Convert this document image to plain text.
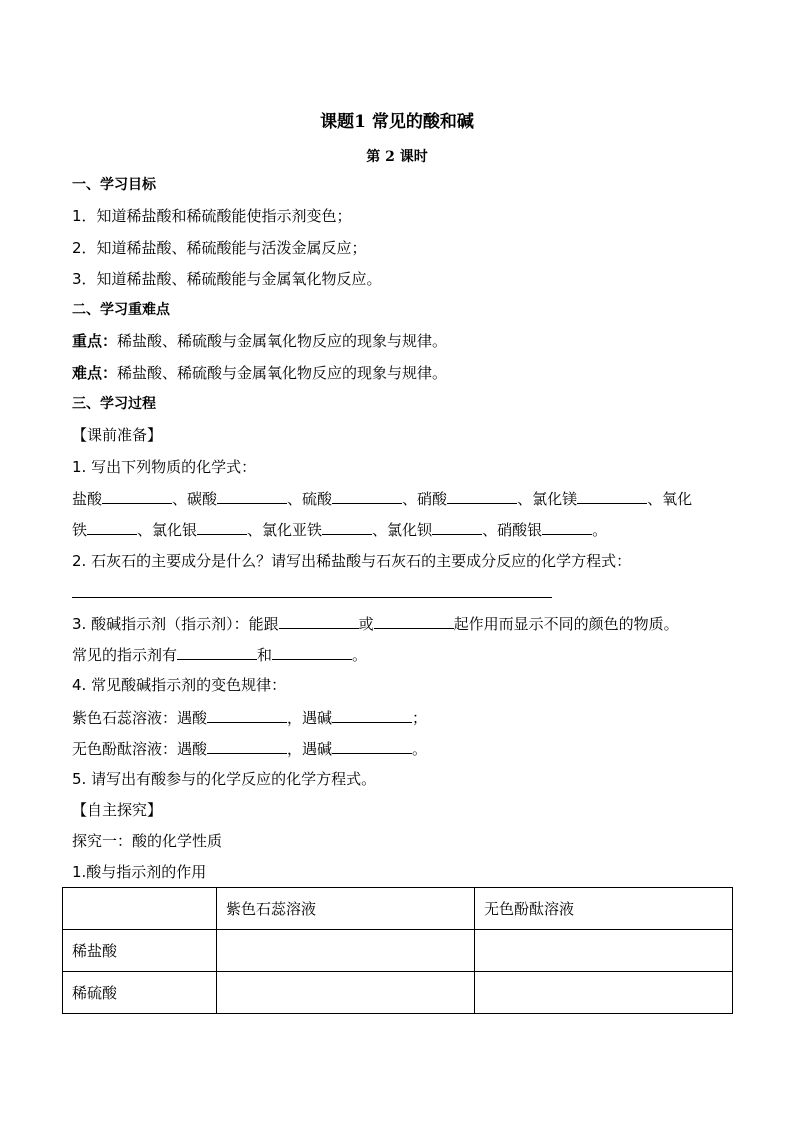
课题1 常见的酸和碱
第 2 课时
一、学习目标
1．知道稀盐酸和稀硫酸能使指示剂变色；
2．知道稀盐酸、稀硫酸能与活泼金属反应；
3．知道稀盐酸、稀硫酸能与金属氧化物反应。
二、学习重难点
重点：稀盐酸、稀硫酸与金属氧化物反应的现象与规律。
难点：稀盐酸、稀硫酸与金属氧化物反应的现象与规律。
三、学习过程
【课前准备】
1. 写出下列物质的化学式：
盐酸	、碳酸	、硫酸	、硝酸	、氯化镁	、氧化
铁	、氯化银	、氯化亚铁	、氯化钡	、硝酸银	。
2. 石灰石的主要成分是什么？请写出稀盐酸与石灰石的主要成分反应的化学方程式：
3. 酸碱指示剂（指示剂）：能跟	或	起作用而显示不同的颜色的物质。
常见的指示剂有	和	。
4. 常见酸碱指示剂的变色规律：
紫色石蕊溶液：遇酸	，遇碱	；
无色酚酞溶液：遇酸	，遇碱	。
5. 请写出有酸参与的化学反应的化学方程式。
【自主探究】
探究一：酸的化学性质
1.酸与指示剂的作用
	紫色石蕊溶液	无色酚酞溶液
稀盐酸		
稀硫酸		
